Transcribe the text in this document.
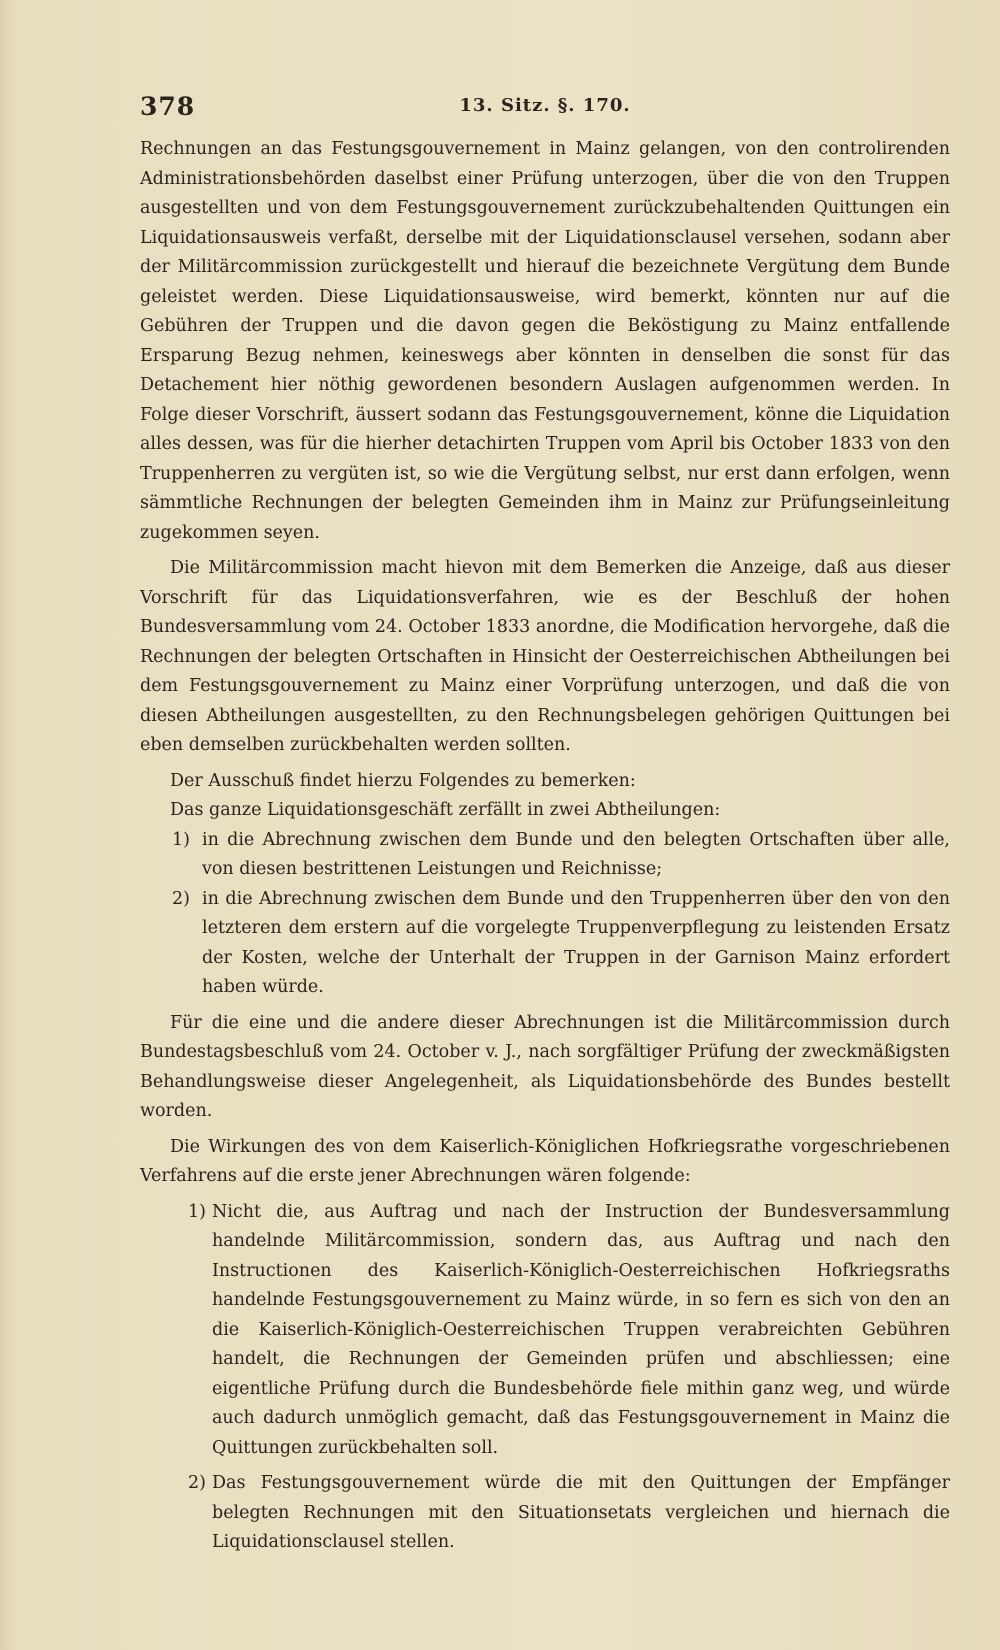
378	13. Sitz. §. 170.

Rechnungen an das Festungsgouvernement in Mainz gelangen, von den controlirenden Administrationsbehörden daselbst einer Prüfung unterzogen, über die von den Truppen ausgestellten und von dem Festungsgouvernement zurückzubehaltenden Quittungen ein Liquidationsausweis verfaßt, derselbe mit der Liquidationsclausel versehen, sodann aber der Militärcommission zurückgestellt und hierauf die bezeichnete Vergütung dem Bunde geleistet werden. Diese Liquidationsausweise, wird bemerkt, könnten nur auf die Gebühren der Truppen und die davon gegen die Beköstigung zu Mainz entfallende Ersparung Bezug nehmen, keineswegs aber könnten in denselben die sonst für das Detachement hier nöthig gewordenen besondern Auslagen aufgenommen werden. In Folge dieser Vorschrift, äussert sodann das Festungsgouvernement, könne die Liquidation alles dessen, was für die hierher detachirten Truppen vom April bis October 1833 von den Truppenherren zu vergüten ist, so wie die Vergütung selbst, nur erst dann erfolgen, wenn sämmtliche Rechnungen der belegten Gemeinden ihm in Mainz zur Prüfungseinleitung zugekommen seyen.

Die Militärcommission macht hievon mit dem Bemerken die Anzeige, daß aus dieser Vorschrift für das Liquidationsverfahren, wie es der Beschluß der hohen Bundesversammlung vom 24. October 1833 anordne, die Modification hervorgehe, daß die Rechnungen der belegten Ortschaften in Hinsicht der Oesterreichischen Abtheilungen bei dem Festungsgouvernement zu Mainz einer Vorprüfung unterzogen, und daß die von diesen Abtheilungen ausgestellten, zu den Rechnungsbelegen gehörigen Quittungen bei eben demselben zurückbehalten werden sollten.

Der Ausschuß findet hierzu Folgendes zu bemerken:

Das ganze Liquidationsgeschäft zerfällt in zwei Abtheilungen:

1) in die Abrechnung zwischen dem Bunde und den belegten Ortschaften über alle, von diesen bestrittenen Leistungen und Reichnisse;
2) in die Abrechnung zwischen dem Bunde und den Truppenherren über den von den letzteren dem erstern auf die vorgelegte Truppenverpflegung zu leistenden Ersatz der Kosten, welche der Unterhalt der Truppen in der Garnison Mainz erfordert haben würde.

Für die eine und die andere dieser Abrechnungen ist die Militärcommission durch Bundestagsbeschluß vom 24. October v. J., nach sorgfältiger Prüfung der zweckmäßigsten Behandlungsweise dieser Angelegenheit, als Liquidationsbehörde des Bundes bestellt worden.

Die Wirkungen des von dem Kaiserlich-Königlichen Hofkriegsrathe vorgeschriebenen Verfahrens auf die erste jener Abrechnungen wären folgende:

1) Nicht die, aus Auftrag und nach der Instruction der Bundesversammlung handelnde Militärcommission, sondern das, aus Auftrag und nach den Instructionen des Kaiserlich-Königlich-Oesterreichischen Hofkriegsraths handelnde Festungsgouvernement zu Mainz würde, in so fern es sich von den an die Kaiserlich-Königlich-Oesterreichischen Truppen verabreichten Gebühren handelt, die Rechnungen der Gemeinden prüfen und abschliessen; eine eigentliche Prüfung durch die Bundesbehörde fiele mithin ganz weg, und würde auch dadurch unmöglich gemacht, daß das Festungsgouvernement in Mainz die Quittungen zurückbehalten soll.
2) Das Festungsgouvernement würde die mit den Quittungen der Empfänger belegten Rechnungen mit den Situationsetats vergleichen und hiernach die Liquidationsclausel stellen.
